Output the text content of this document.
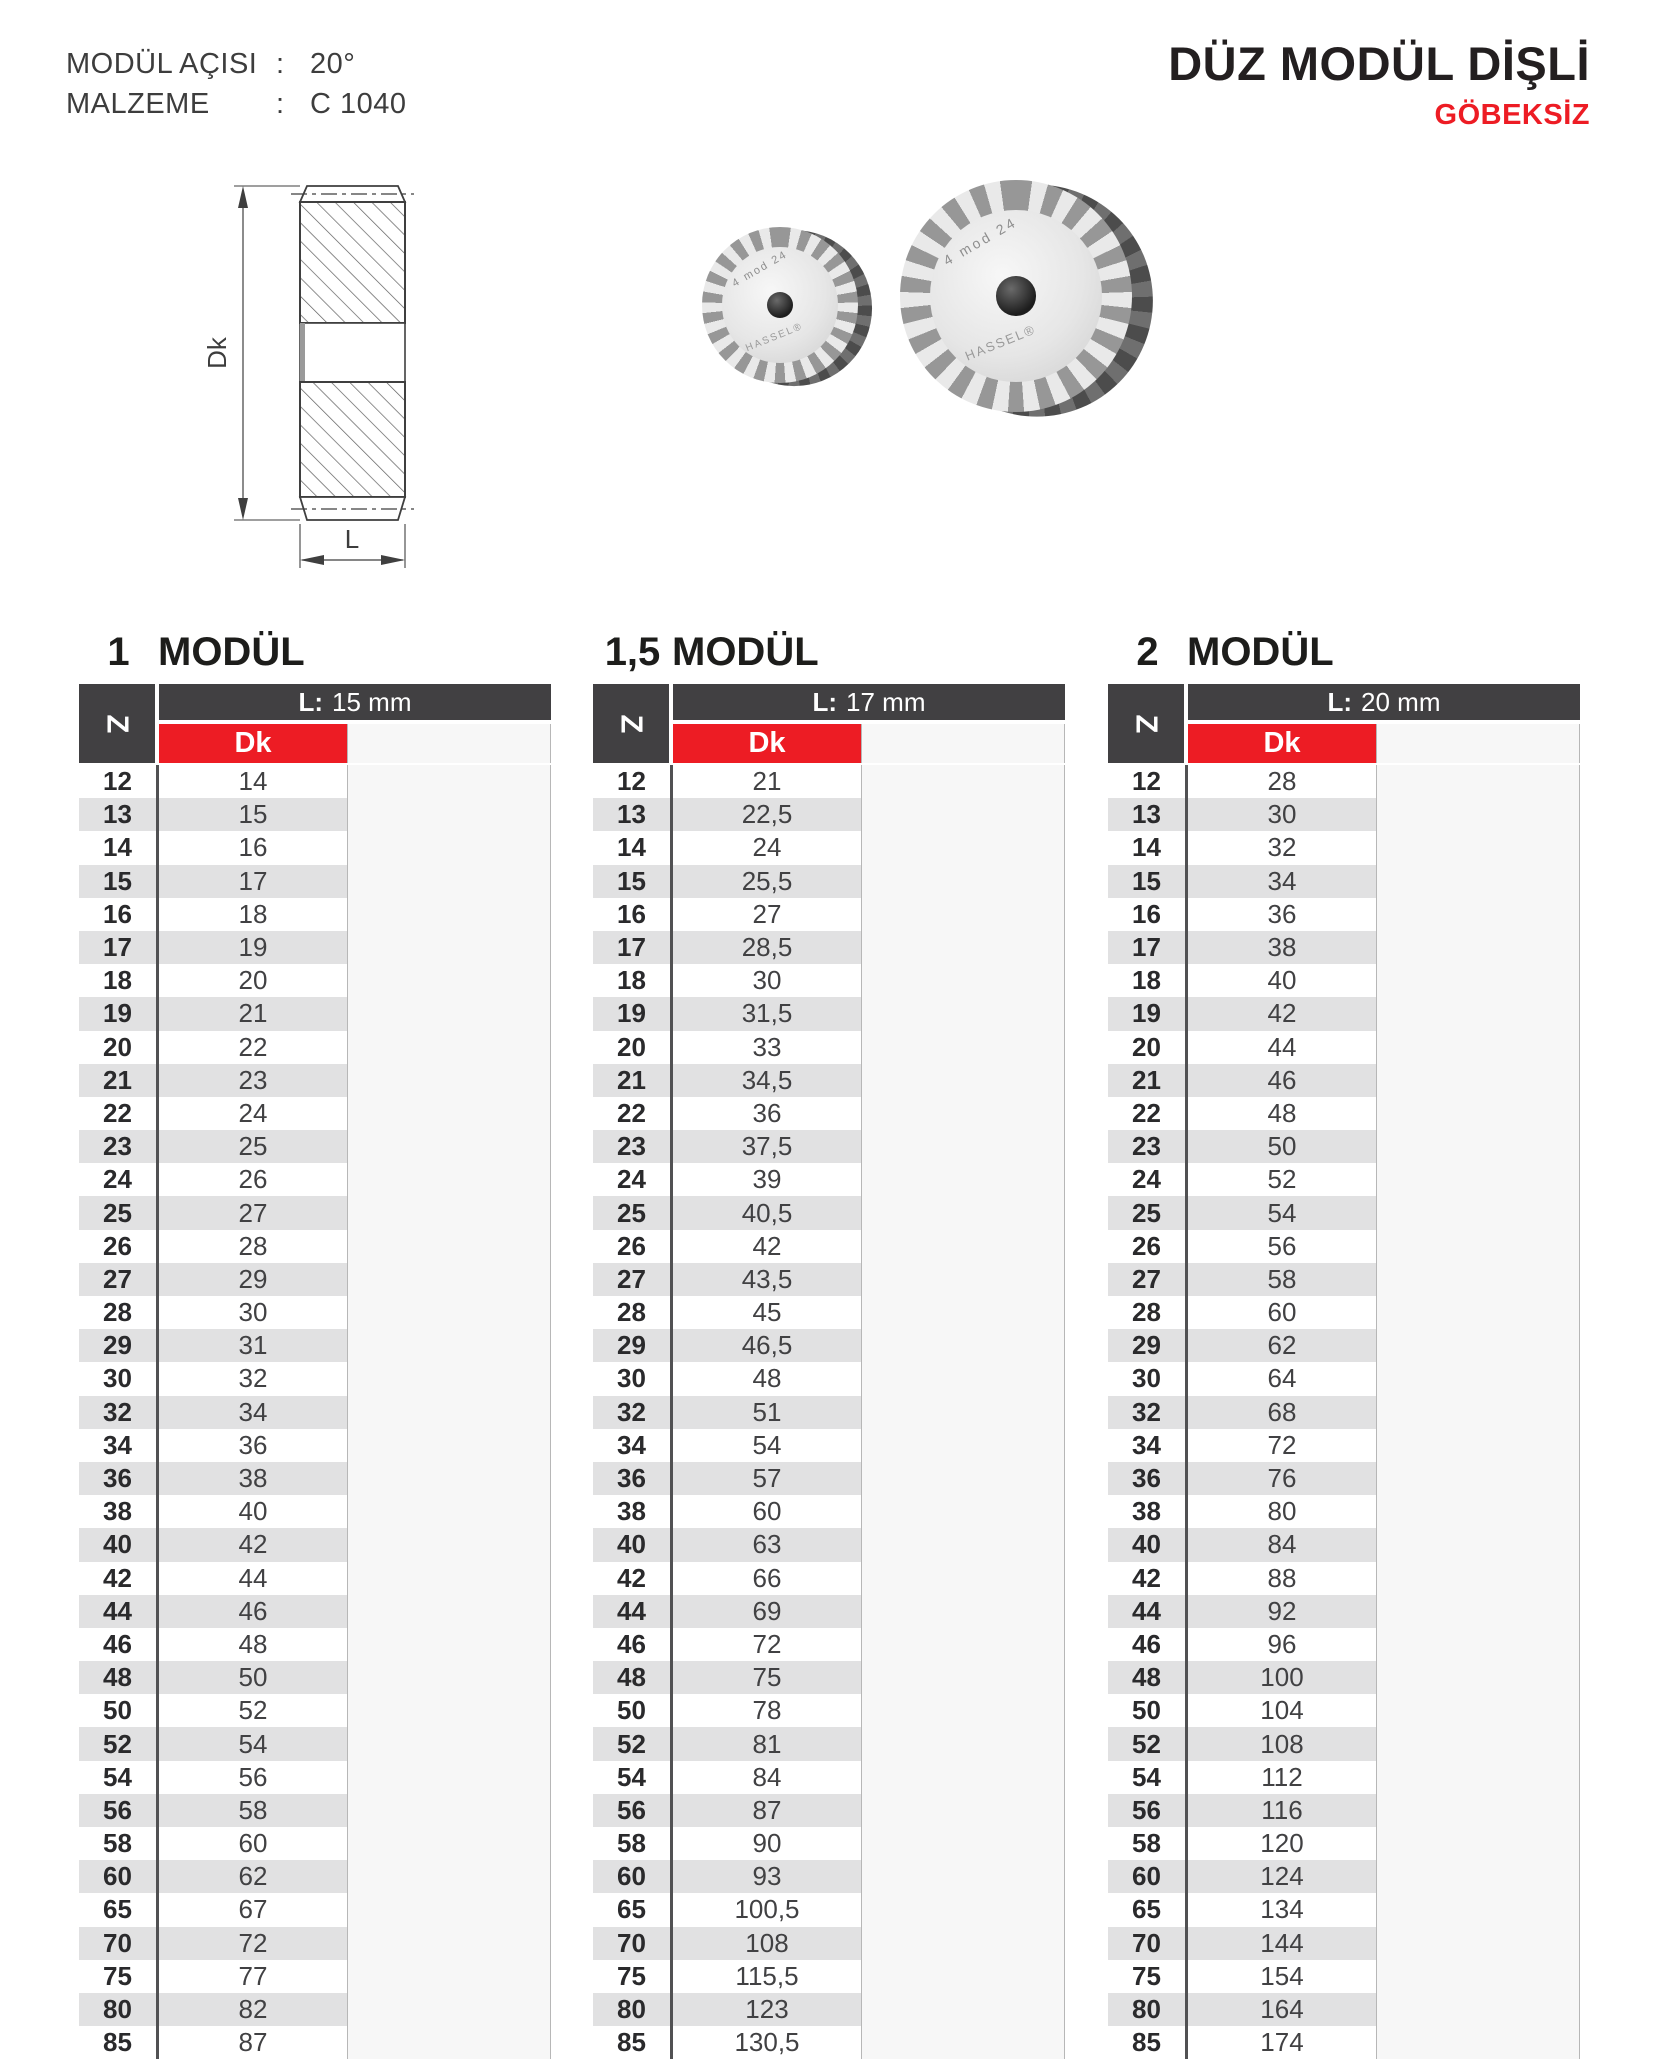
MODÜL AÇISI : 20°
MALZEME	: C 1040
DÜZ MODÜL DİŞLİ
GÖBEKSİZ
Dk
L
4 mod 24
HASSEL®
4 mod 24
HASSEL®
1 MODÜL
Z
L: 15 mm
Dk
12	14
13	15
14	16
15	17
16	18
17	19
18	20
19	21
20	22
21	23
22	24
23	25
24	26
25	27
26	28
27	29
28	30
29	31
30	32
32	34
34	36
36	38
38	40
40	42
42	44
44	46
46	48
48	50
50	52
52	54
54	56
56	58
58	60
60	62
65	67
70	72
75	77
80	82
85	87
1,5 MODÜL
Z
L: 17 mm
Dk
12	21
13	22,5
14	24
15	25,5
16	27
17	28,5
18	30
19	31,5
20	33
21	34,5
22	36
23	37,5
24	39
25	40,5
26	42
27	43,5
28	45
29	46,5
30	48
32	51
34	54
36	57
38	60
40	63
42	66
44	69
46	72
48	75
50	78
52	81
54	84
56	87
58	90
60	93
65	100,5
70	108
75	115,5
80	123
85	130,5
2 MODÜL
Z
L: 20 mm
Dk
12	28
13	30
14	32
15	34
16	36
17	38
18	40
19	42
20	44
21	46
22	48
23	50
24	52
25	54
26	56
27	58
28	60
29	62
30	64
32	68
34	72
36	76
38	80
40	84
42	88
44	92
46	96
48	100
50	104
52	108
54	112
56	116
58	120
60	124
65	134
70	144
75	154
80	164
85	174
